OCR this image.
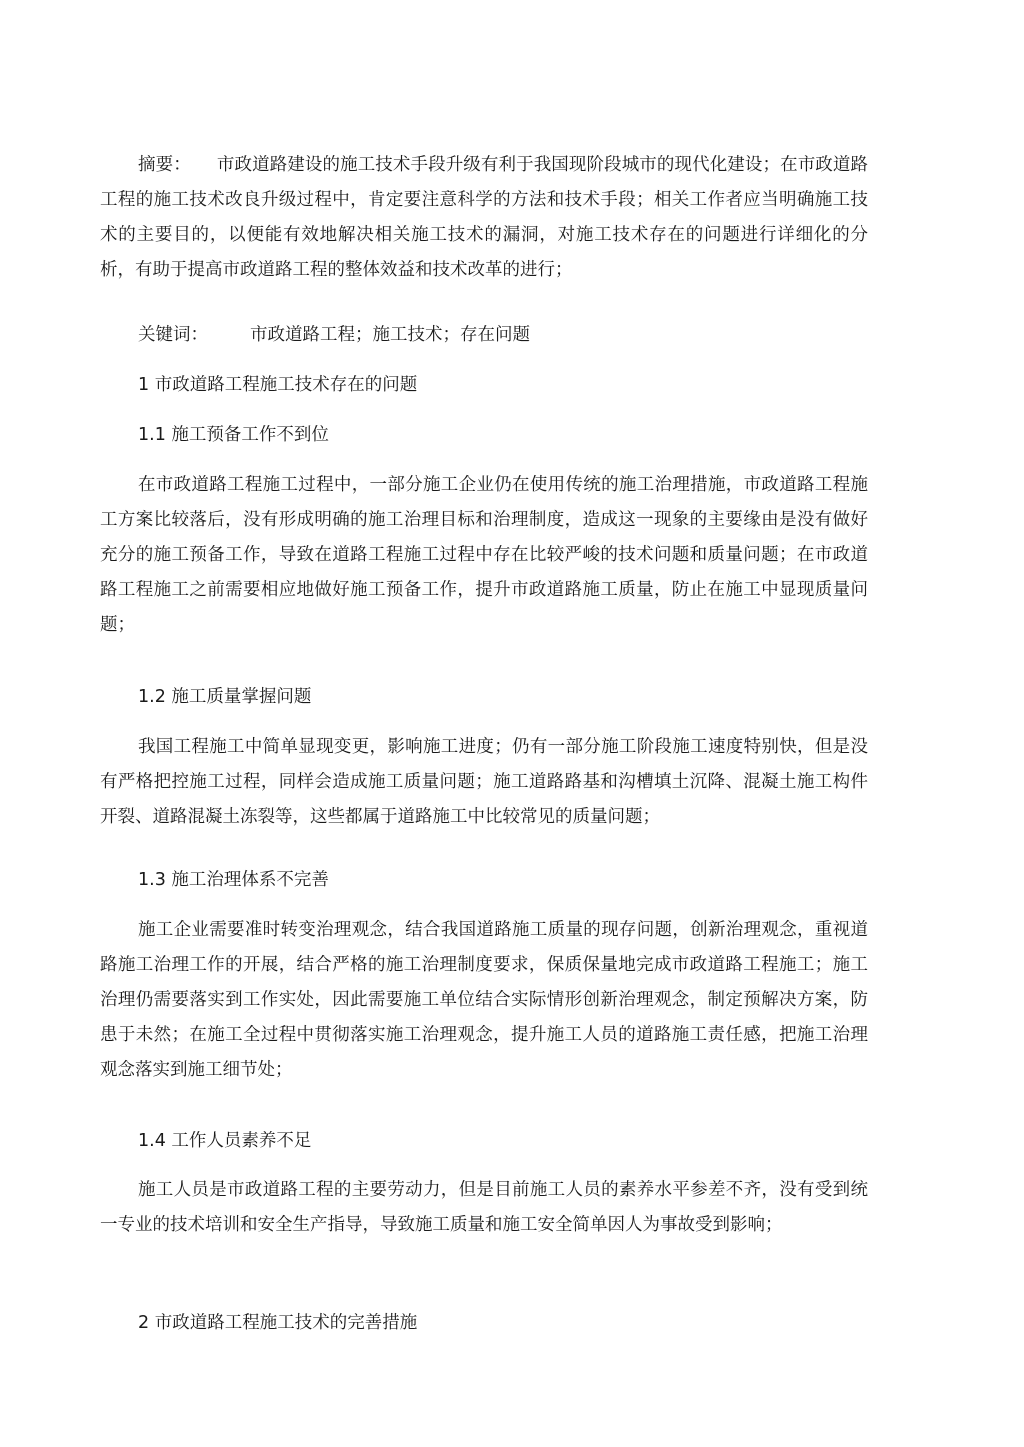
摘要： 市政道路建设的施工技术手段升级有利于我国现阶段城市的现代化建设；在市政道路工程的施工技术改良升级过程中，肯定要注意科学的方法和技术手段；相关工作者应当明确施工技术的主要目的，以便能有效地解决相关施工技术的漏洞，对施工技术存在的问题进行详细化的分析，有助于提高市政道路工程的整体效益和技术改革的进行；

关键词： 市政道路工程；施工技术；存在问题

1 市政道路工程施工技术存在的问题

1.1 施工预备工作不到位

在市政道路工程施工过程中，一部分施工企业仍在使用传统的施工治理措施，市政道路工程施工方案比较落后，没有形成明确的施工治理目标和治理制度，造成这一现象的主要缘由是没有做好充分的施工预备工作，导致在道路工程施工过程中存在比较严峻的技术问题和质量问题；在市政道路工程施工之前需要相应地做好施工预备工作，提升市政道路施工质量，防止在施工中显现质量问题；

1.2 施工质量掌握问题

我国工程施工中简单显现变更，影响施工进度；仍有一部分施工阶段施工速度特别快，但是没有严格把控施工过程，同样会造成施工质量问题；施工道路路基和沟槽填土沉降、混凝土施工构件开裂、道路混凝土冻裂等，这些都属于道路施工中比较常见的质量问题；

1.3 施工治理体系不完善

施工企业需要准时转变治理观念，结合我国道路施工质量的现存问题，创新治理观念，重视道路施工治理工作的开展，结合严格的施工治理制度要求，保质保量地完成市政道路工程施工；施工治理仍需要落实到工作实处，因此需要施工单位结合实际情形创新治理观念，制定预解决方案，防患于未然；在施工全过程中贯彻落实施工治理观念，提升施工人员的道路施工责任感，把施工治理观念落实到施工细节处；

1.4 工作人员素养不足

施工人员是市政道路工程的主要劳动力，但是目前施工人员的素养水平参差不齐，没有受到统一专业的技术培训和安全生产指导，导致施工质量和施工安全简单因人为事故受到影响；

2 市政道路工程施工技术的完善措施
